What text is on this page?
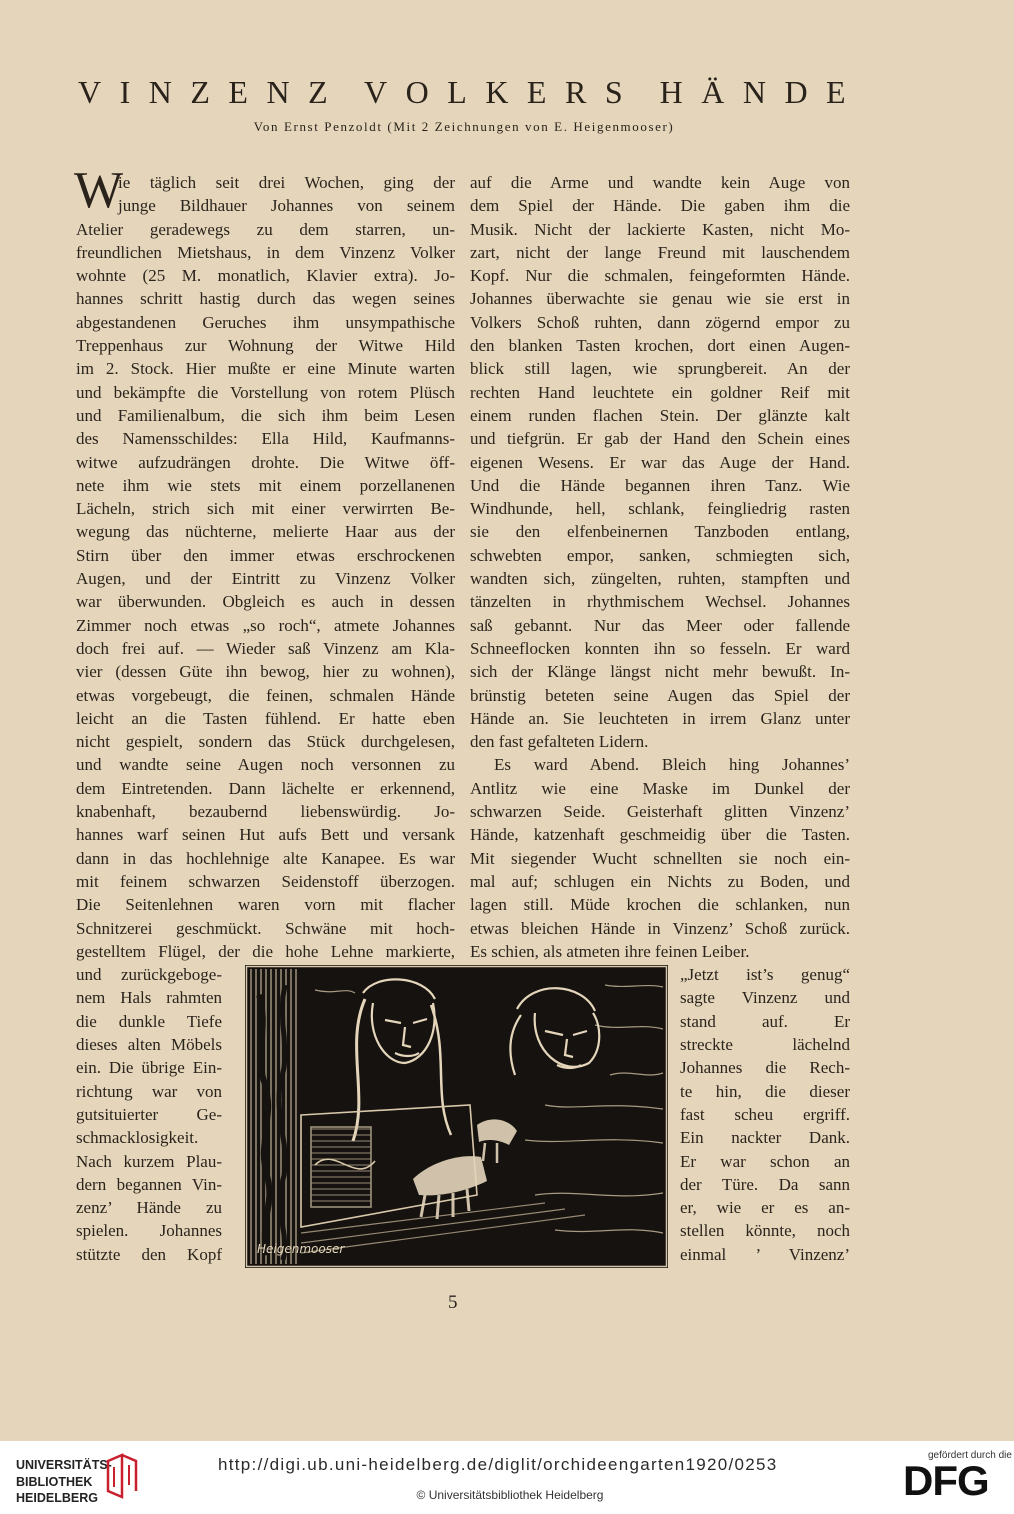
VINZENZ VOLKERS HÄNDE
Von Ernst Penzoldt (Mit 2 Zeichnungen von E. Heigenmooser)
W
ie täglich seit drei Wochen, ging der
junge Bildhauer Johannes von seinem
Atelier geradewegs zu dem starren, un-
freundlichen Mietshaus, in dem Vinzenz Volker
wohnte (25 M. monatlich, Klavier extra). Jo-
hannes schritt hastig durch das wegen seines
abgestandenen Geruches ihm unsympathische
Treppenhaus zur Wohnung der Witwe Hild
im 2. Stock. Hier mußte er eine Minute warten
und bekämpfte die Vorstellung von rotem Plüsch
und Familienalbum, die sich ihm beim Lesen
des Namensschildes: Ella Hild, Kaufmanns-
witwe aufzudrängen drohte. Die Witwe öff-
nete ihm wie stets mit einem porzellanenen
Lächeln, strich sich mit einer verwirrten Be-
wegung das nüchterne, melierte Haar aus der
Stirn über den immer etwas erschrockenen
Augen, und der Eintritt zu Vinzenz Volker
war überwunden. Obgleich es auch in dessen
Zimmer noch etwas „so roch“, atmete Johannes
doch frei auf. — Wieder saß Vinzenz am Kla-
vier (dessen Güte ihn bewog, hier zu wohnen),
etwas vorgebeugt, die feinen, schmalen Hände
leicht an die Tasten fühlend. Er hatte eben
nicht gespielt, sondern das Stück durchgelesen,
und wandte seine Augen noch versonnen zu
dem Eintretenden. Dann lächelte er erkennend,
knabenhaft, bezaubernd liebenswürdig. Jo-
hannes warf seinen Hut aufs Bett und versank
dann in das hochlehnige alte Kanapee. Es war
mit feinem schwarzen Seidenstoff überzogen.
Die Seitenlehnen waren vorn mit flacher
Schnitzerei geschmückt. Schwäne mit hoch-
gestelltem Flügel, der die hohe Lehne markierte,
auf die Arme und wandte kein Auge von
dem Spiel der Hände. Die gaben ihm die
Musik. Nicht der lackierte Kasten, nicht Mo-
zart, nicht der lange Freund mit lauschendem
Kopf. Nur die schmalen, feingeformten Hände.
Johannes überwachte sie genau wie sie erst in
Volkers Schoß ruhten, dann zögernd empor zu
den blanken Tasten krochen, dort einen Augen-
blick still lagen, wie sprungbereit. An der
rechten Hand leuchtete ein goldner Reif mit
einem runden flachen Stein. Der glänzte kalt
und tiefgrün. Er gab der Hand den Schein eines
eigenen Wesens. Er war das Auge der Hand.
Und die Hände begannen ihren Tanz. Wie
Windhunde, hell, schlank, feingliedrig rasten
sie den elfenbeinernen Tanzboden entlang,
schwebten empor, sanken, schmiegten sich,
wandten sich, züngelten, ruhten, stampften und
tänzelten in rhythmischem Wechsel. Johannes
saß gebannt. Nur das Meer oder fallende
Schneeflocken konnten ihn so fesseln. Er ward
sich der Klänge längst nicht mehr bewußt. In-
brünstig beteten seine Augen das Spiel der
Hände an. Sie leuchteten in irrem Glanz unter
den fast gefalteten Lidern.
Es ward Abend. Bleich hing Johannes’
Antlitz wie eine Maske im Dunkel der
schwarzen Seide. Geisterhaft glitten Vinzenz’
Hände, katzenhaft geschmeidig über die Tasten.
Mit siegender Wucht schnellten sie noch ein-
mal auf; schlugen ein Nichts zu Boden, und
lagen still. Müde krochen die schlanken, nun
etwas bleichen Hände in Vinzenz’ Schoß zurück.
Es schien, als atmeten ihre feinen Leiber.
und zurückgeboge-
nem Hals rahmten
die dunkle Tiefe
dieses alten Möbels
ein. Die übrige Ein-
richtung war von
gutsituierter Ge-
schmacklosigkeit.
Nach kurzem Plau-
dern begannen Vin-
zenz’ Hände zu
spielen. Johannes
stützte den Kopf
„Jetzt ist’s genug“
sagte Vinzenz und
stand auf. Er
streckte lächelnd
Johannes die Rech-
te hin, die dieser
fast scheu ergriff.
Ein nackter Dank.
Er war schon an
der Türe. Da sann
er, wie er es an-
stellen könnte, noch
einmal ’ Vinzenz’
Heigenmooser
5
UNIVERSITÄTS-
BIBLIOTHEK
HEIDELBERG
http://digi.ub.uni-heidelberg.de/diglit/orchideengarten1920/0253
© Universitätsbibliothek Heidelberg
gefördert durch die
DFG
